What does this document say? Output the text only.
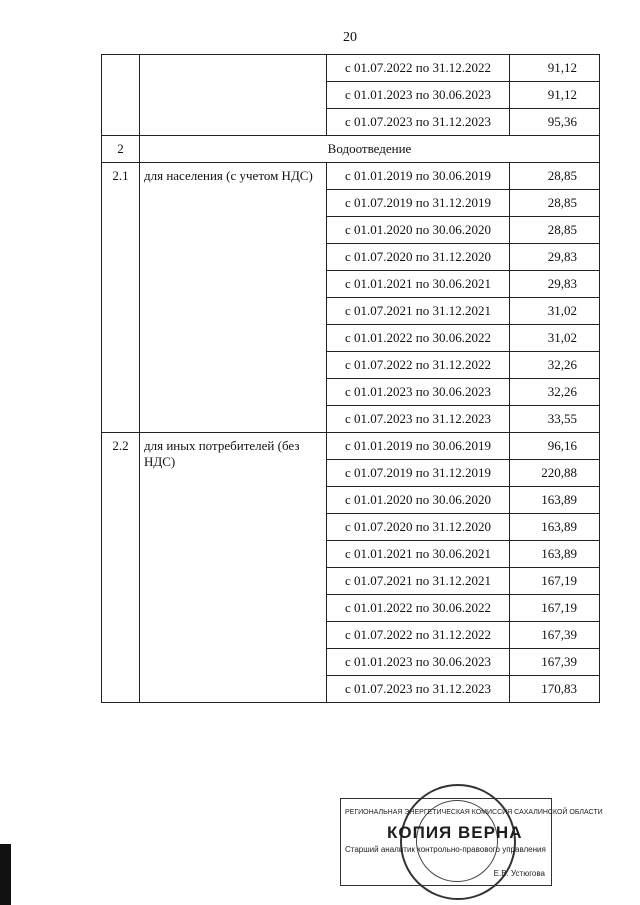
20
		с 01.07.2022 по 31.12.2022	91,12
		с 01.01.2023 по 30.06.2023	91,12
		с 01.07.2023 по 31.12.2023	95,36
2	Водоотведение		
2.1	для населения (с учетом НДС)	с 01.01.2019 по 30.06.2019	28,85
		с 01.07.2019 по 31.12.2019	28,85
		с 01.01.2020 по 30.06.2020	28,85
		с 01.07.2020 по 31.12.2020	29,83
		с 01.01.2021 по 30.06.2021	29,83
		с 01.07.2021 по 31.12.2021	31,02
		с 01.01.2022 по 30.06.2022	31,02
		с 01.07.2022 по 31.12.2022	32,26
		с 01.01.2023 по 30.06.2023	32,26
		с 01.07.2023 по 31.12.2023	33,55
2.2	для иных потребителей (без НДС)	с 01.01.2019 по 30.06.2019	96,16
		с 01.07.2019 по 31.12.2019	220,88
		с 01.01.2020 по 30.06.2020	163,89
		с 01.07.2020 по 31.12.2020	163,89
		с 01.01.2021 по 30.06.2021	163,89
		с 01.07.2021 по 31.12.2021	167,19
		с 01.01.2022 по 30.06.2022	167,19
		с 01.07.2022 по 31.12.2022	167,39
		с 01.01.2023 по 30.06.2023	167,39
		с 01.07.2023 по 31.12.2023	170,83
РЕГИОНАЛЬНАЯ ЭНЕРГЕТИЧЕСКАЯ КОМИССИЯ САХАЛИНСКОЙ ОБЛАСТИ
КОПИЯ ВЕРНА
Старший аналитик контрольно-правового управления
Е.В. Устюгова
